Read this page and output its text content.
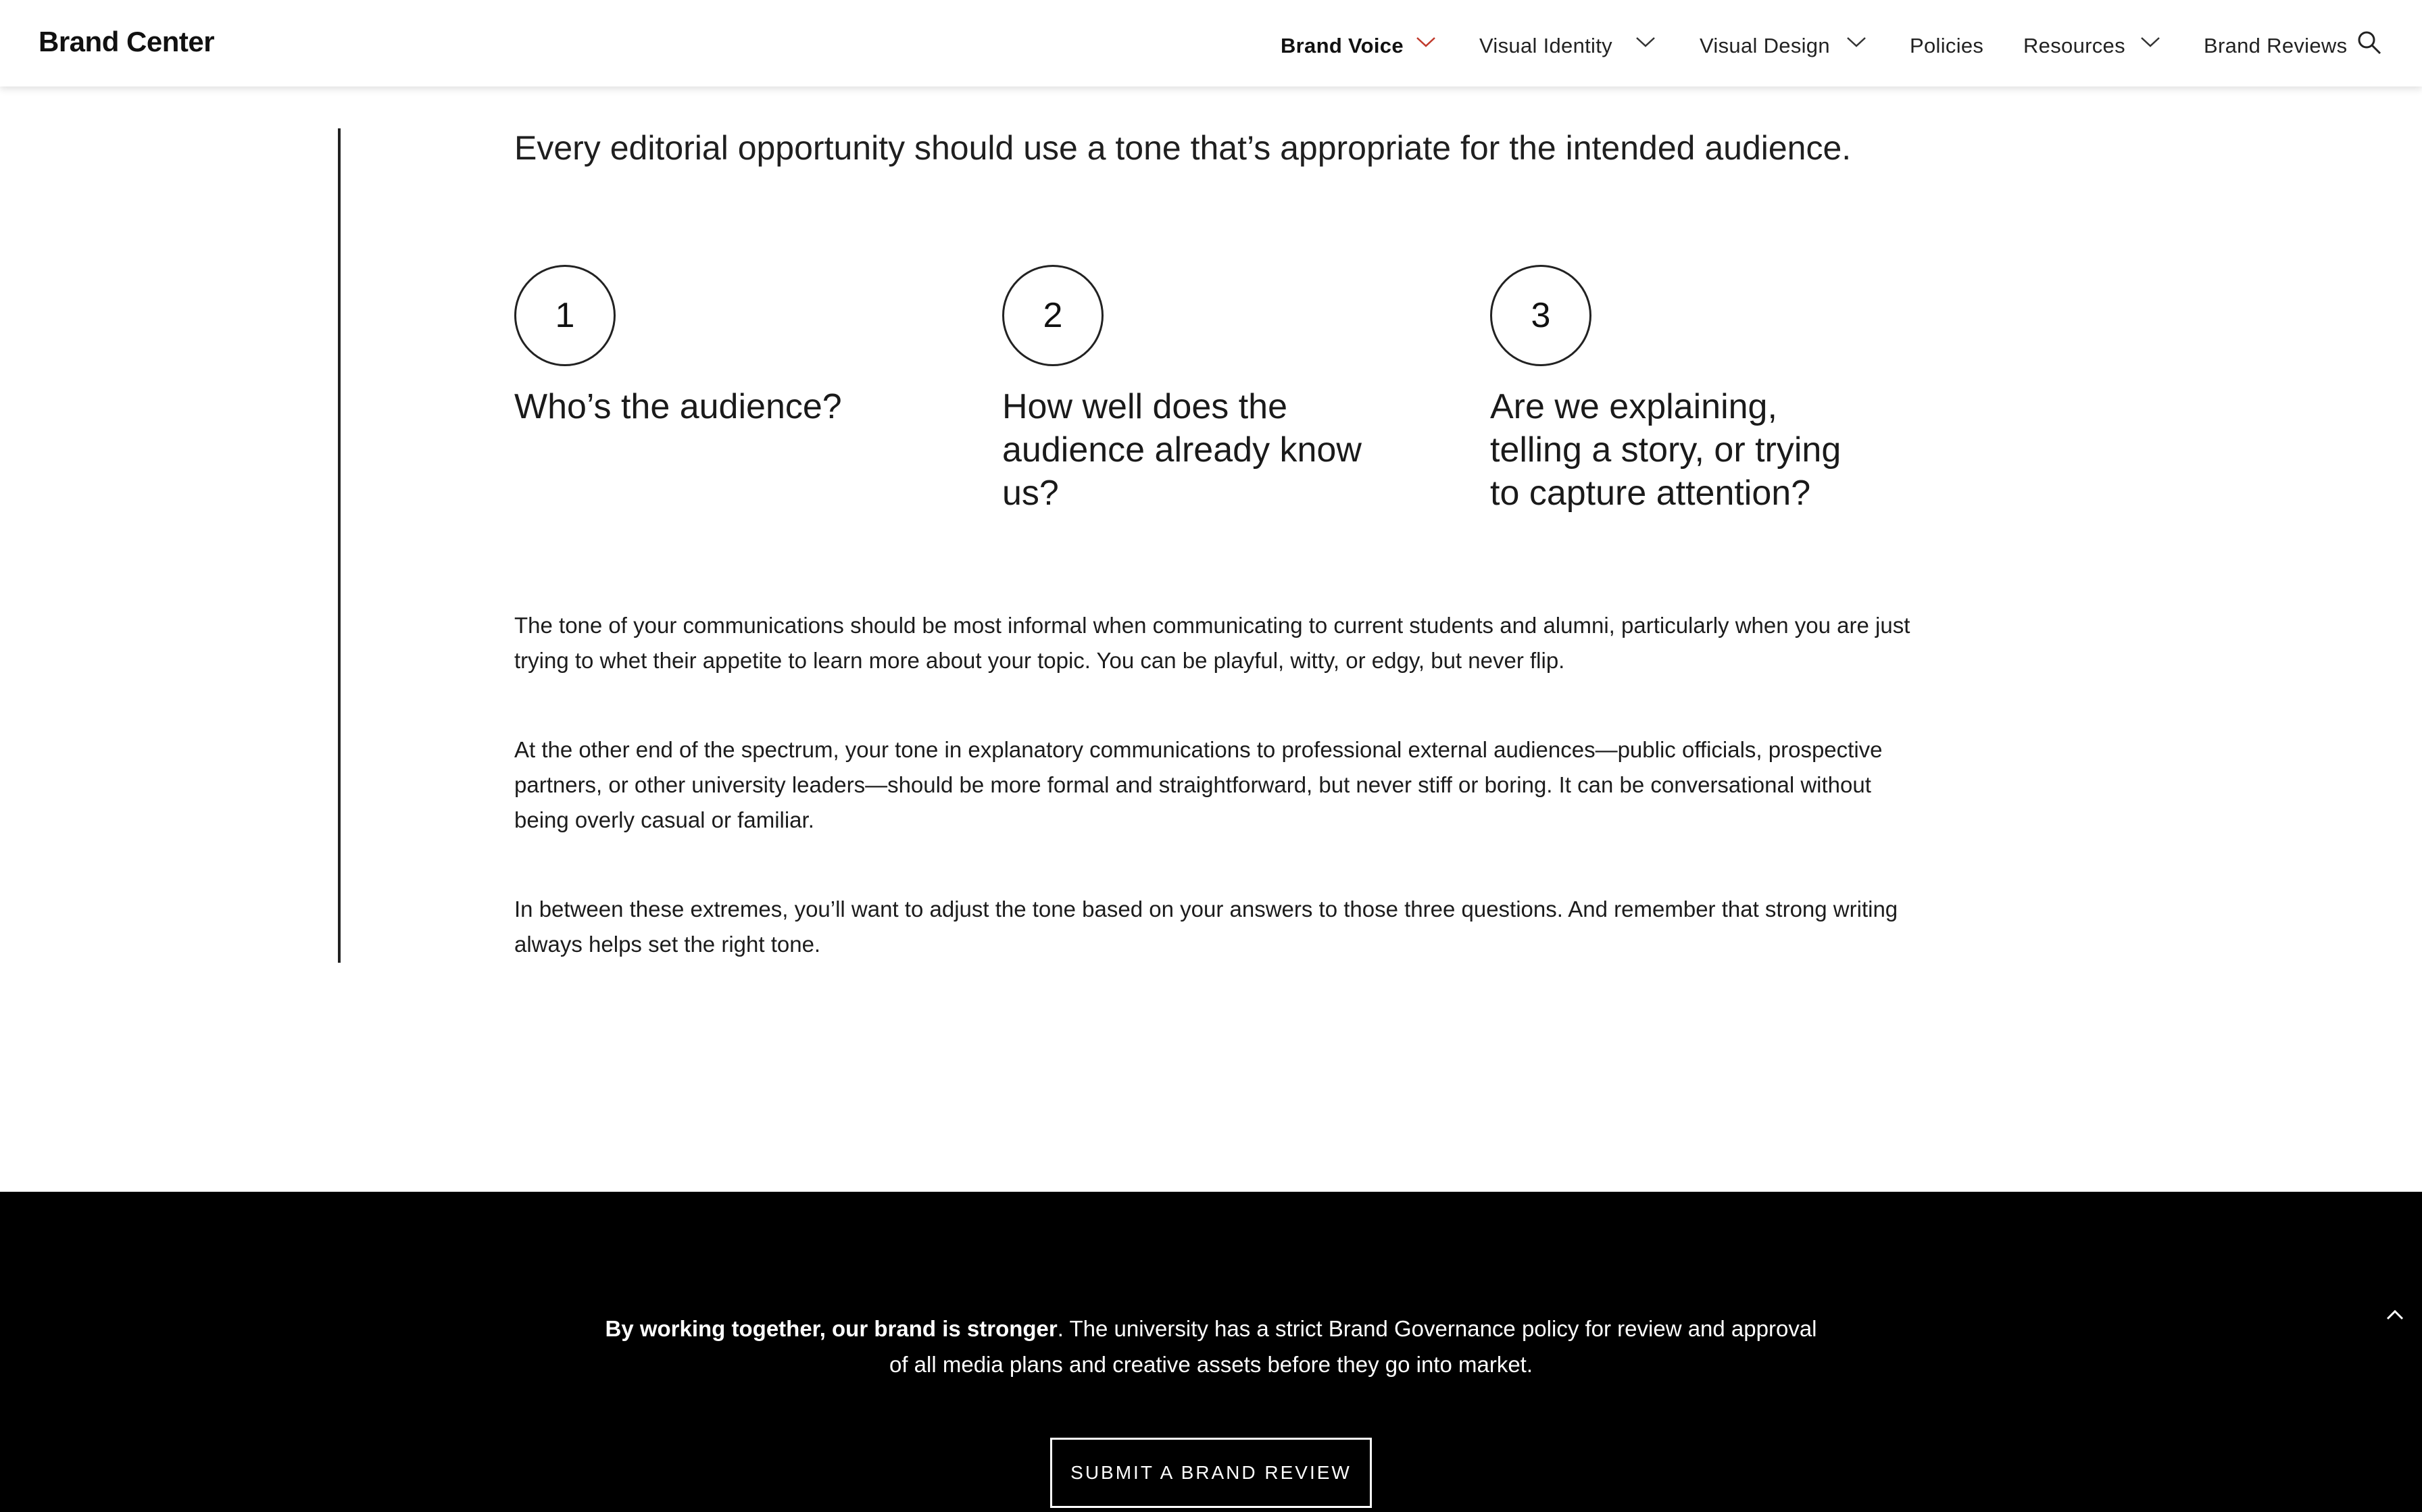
Brand Center	Brand Voice	Visual Identity	Visual Design	Policies Resources	Brand Reviews
Every editorial opportunity should use a tone that’s appropriate for the intended audience.
1
Who’s the audience?
2
How well does the audience already know us?
3
Are we explaining, telling a story, or trying to capture attention?

The tone of your communications should be most informal when communicating to current students and alumni, particularly when you are just trying to whet their appetite to learn more about your topic. You can be playful, witty, or edgy, but never flip.

At the other end of the spectrum, your tone in explanatory communications to professional external audiences—public officials, prospective partners, or other university leaders—should be more formal and straightforward, but never stiff or boring. It can be conversational without being overly casual or familiar.

In between these extremes, you’ll want to adjust the tone based on your answers to those three questions. And remember that strong writing always helps set the right tone.

By working together, our brand is stronger. The university has a strict Brand Governance policy for review and approval of all media plans and creative assets before they go into market.

SUBMIT A BRAND REVIEW
